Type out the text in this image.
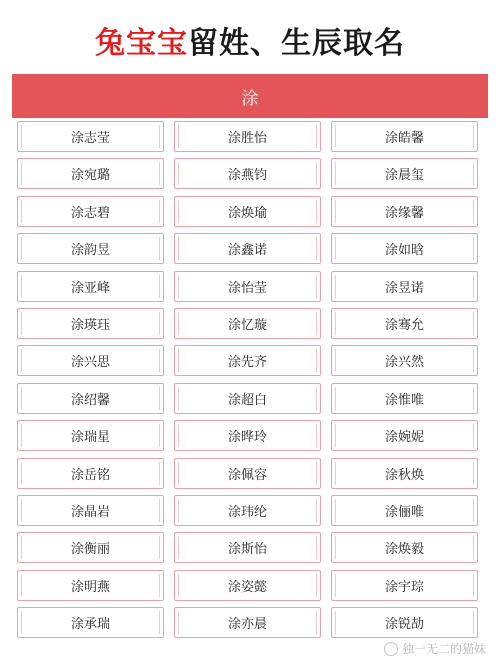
兔宝宝留姓、生辰取名
涂
涂志莹	涂胜怡	涂皓馨
涂宛璐	涂燕钧	涂晨玺
涂志碧	涂焕瑜	涂缘馨
涂韵昱	涂鑫诺	涂如晗
涂亚峰	涂怡莹	涂昱诺
涂瑛珏	涂忆璇	涂骞允
涂兴思	涂先齐	涂兴然
涂绍馨	涂超白	涂惟唯
涂瑞星	涂晔玲	涂婉妮
涂岳铭	涂佩容	涂秋焕
涂晶岩	涂玮纶	涂俪唯
涂衡丽	涂斯怡	涂焕毅
涂明燕	涂姿懿	涂宇琮
涂承瑞	涂亦晨	涂锐劼
独一无二的猫妹
